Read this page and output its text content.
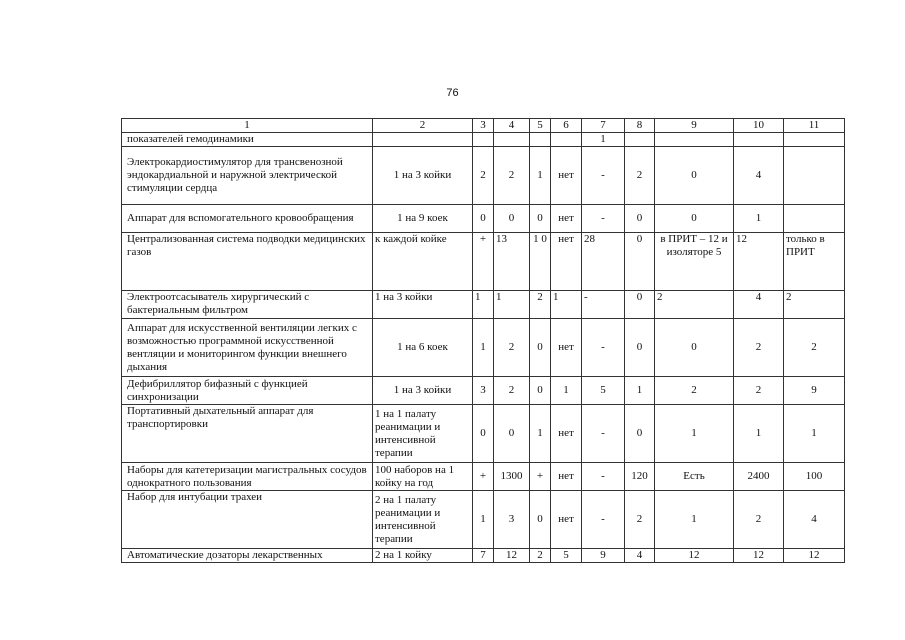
76
1	2	3	4	5	6	7	8	9	10	11
показателей гемодинамики						1				
Электрокардиостимулятор для трансвенозной эндокардиальной и наружной электрической стимуляции сердца	1 на 3 койки	2	2	1	нет	-	2	0	4	
Аппарат для вспомогательного кровообращения	1 на 9 коек	0	0	0	нет	-	0	0	1	
Централизованная система подводки медицинских газов	к каждой койке	+	13	1 0	нет	28	0	в ПРИТ – 12 и изоляторе 5	12	только в ПРИТ
Электроотсасыватель хирургический с бактериальным фильтром	1 на 3 койки	1	1	2	1	-	0	2	4	2
Аппарат для искусственной вентиляции легких с возможностью программной искусственной вентляции и мониторингом функции внешнего дыхания	1 на 6 коек	1	2	0	нет	-	0	0	2	2
Дефибриллятор бифазный с функцией синхронизации	1 на 3 койки	3	2	0	1	5	1	2	2	9
Портативный дыхательный аппарат для транспортировки	1 на 1 палату реанимации и интенсивной терапии	0	0	1	нет	-	0	1	1	1
Наборы для катетеризации магистральных сосудов однократного пользования	100 наборов на 1 койку на год	+	1300	+	нет	-	120	Есть	2400	100
Набор для интубации трахеи	2 на 1 палату реанимации и интенсивной терапии	1	3	0	нет	-	2	1	2	4
Автоматические дозаторы лекарственных	2 на 1 койку	7	12	2	5	9	4	12	12	12
